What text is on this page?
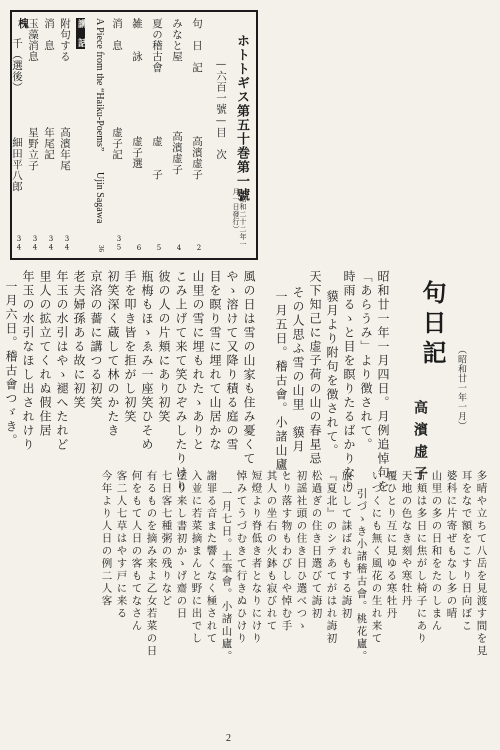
ホトトギス第五十巻第一號
（昭和二十二年一月一日發行）
—六百一號—目　次
句　日　記
高濱虚子
2
みなと屋
高濱虚子
4
夏の稽古會
虚　　子
5
雑　　詠
虚子選
6
消　息
虚子記
35
A Piece from the “Haiku-Poems”
Ujin Sagawa
36
講　話
附句する
高濱年尾
34
消　息
年尾記
34
玉藻消息
星野立子
34
槐
千（選後）
細田平八郎
34
句日記
（昭和廿一年一月）
高濱虚子
昭和廿一年一月四日。月例追悼句を
「あらうみ」より徴されて。
時雨るゝと目を瞑りたるばかりなり
貘月より附句を徴されて。
天下知己に虚子荷の山の春星忌
その人思ふ雪の山里　貘月
一月五日。稽古會。小諸山廬。
風の日は雪の山家も住み憂くて
やゝ溶けて又降り積る庭の雪
目を瞑り雪に埋れて山居かな
山里の雪に埋もれたゝありと
こみ上げて来て笑ひぞみしたりけり
彼の人の片頬にあり初笑
瓶梅もほゝゑみ一座笑ひそめ
手を叩き皆を拒がし初笑
初笑深く蔵して林のかたき
京洛の薔に講つる初笑
老夫婦孫ある故に初笑
年玉の水引はやゝ褪へたれど
里人の拡立てくれぬ假住居
年玉の水引なほし出されけり
一月六日。稽古會つゞき。
多晴や立ちて八岳を見渡す間を見
耳をなで額をこすり日向ぼこ
婆科に片寄ぜもなし多の晴
山里の多の日和をたのしまん
片頬は多日に焦がし椅子にあり
天地の色なき刻や寒牡丹
覆ひとり互に見ゆる寒牡丹
いづくにも無く風花の生れ来て
引づゝき小諸稽古會。桃花廬。
旅にして誄ばれもする誨初
『夏北』のシテあてがはれ誨初
松過ぎの住き日選びて誨初
初謡社頭の住き日ひ選べつゝ
とり落す物もわびしや悼む手
其人の坐右の火鉢も寂びれて
短燈より脊低き者となりにけり
悼みてうづむきて行きぬひけり
一月七日。土筆會。小諸山廬。
謝罪る音また響くなく極されて
入並に若菜摘まんと野に出でし
塗り来し書初かゝげ齋の日
七日客七種粥の残りなど
有るものを摘み来よ乙女若菜の日
何をもて人日の客もてなさん
客二人七草はやす戸に来る
今年より人日の例二人客
2
